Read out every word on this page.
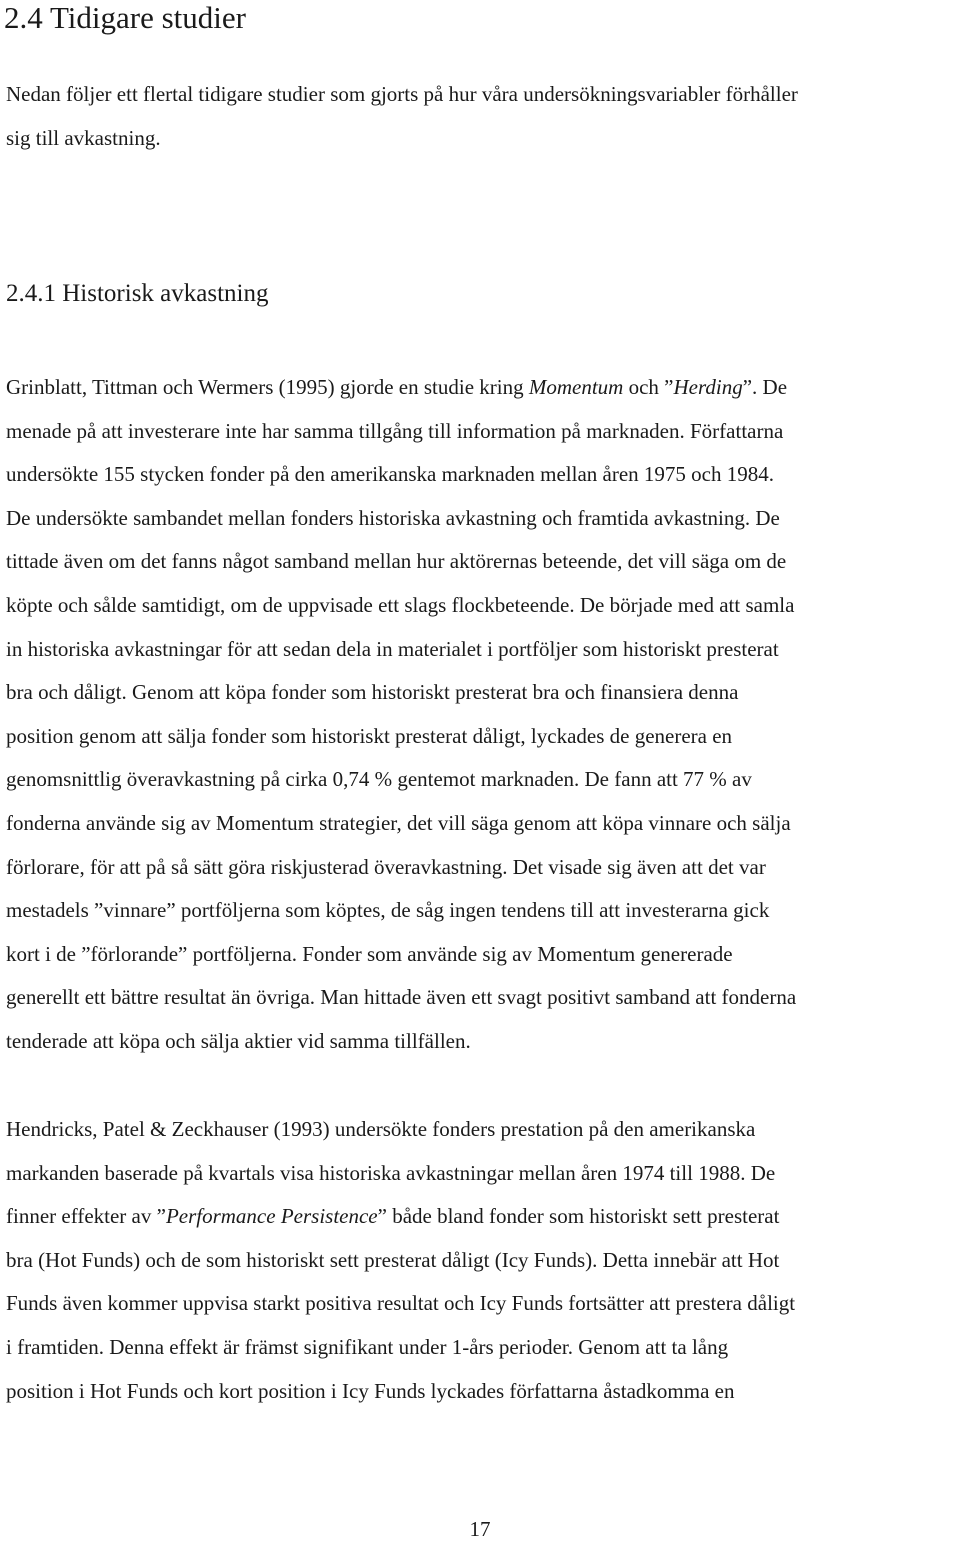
2.4 Tidigare studier

Nedan följer ett flertal tidigare studier som gjorts på hur våra undersökningsvariabler förhåller
sig till avkastning.

2.4.1 Historisk avkastning

Grinblatt, Tittman och Wermers (1995) gjorde en studie kring Momentum och ”Herding”. De
menade på att investerare inte har samma tillgång till information på marknaden. Författarna
undersökte 155 stycken fonder på den amerikanska marknaden mellan åren 1975 och 1984.
De undersökte sambandet mellan fonders historiska avkastning och framtida avkastning. De
tittade även om det fanns något samband mellan hur aktörernas beteende, det vill säga om de
köpte och sålde samtidigt, om de uppvisade ett slags flockbeteende. De började med att samla
in historiska avkastningar för att sedan dela in materialet i portföljer som historiskt presterat
bra och dåligt. Genom att köpa fonder som historiskt presterat bra och finansiera denna
position genom att sälja fonder som historiskt presterat dåligt, lyckades de generera en
genomsnittlig överavkastning på cirka 0,74 % gentemot marknaden. De fann att 77 % av
fonderna använde sig av Momentum strategier, det vill säga genom att köpa vinnare och sälja
förlorare, för att på så sätt göra riskjusterad överavkastning. Det visade sig även att det var
mestadels ”vinnare” portföljerna som köptes, de såg ingen tendens till att investerarna gick
kort i de ”förlorande” portföljerna. Fonder som använde sig av Momentum genererade
generellt ett bättre resultat än övriga. Man hittade även ett svagt positivt samband att fonderna
tenderade att köpa och sälja aktier vid samma tillfällen.

Hendricks, Patel & Zeckhauser (1993) undersökte fonders prestation på den amerikanska
markanden baserade på kvartals visa historiska avkastningar mellan åren 1974 till 1988. De
finner effekter av ”Performance Persistence” både bland fonder som historiskt sett presterat
bra (Hot Funds) och de som historiskt sett presterat dåligt (Icy Funds). Detta innebär att Hot
Funds även kommer uppvisa starkt positiva resultat och Icy Funds fortsätter att prestera dåligt
i framtiden. Denna effekt är främst signifikant under 1-års perioder. Genom att ta lång
position i Hot Funds och kort position i Icy Funds lyckades författarna åstadkomma en

17
